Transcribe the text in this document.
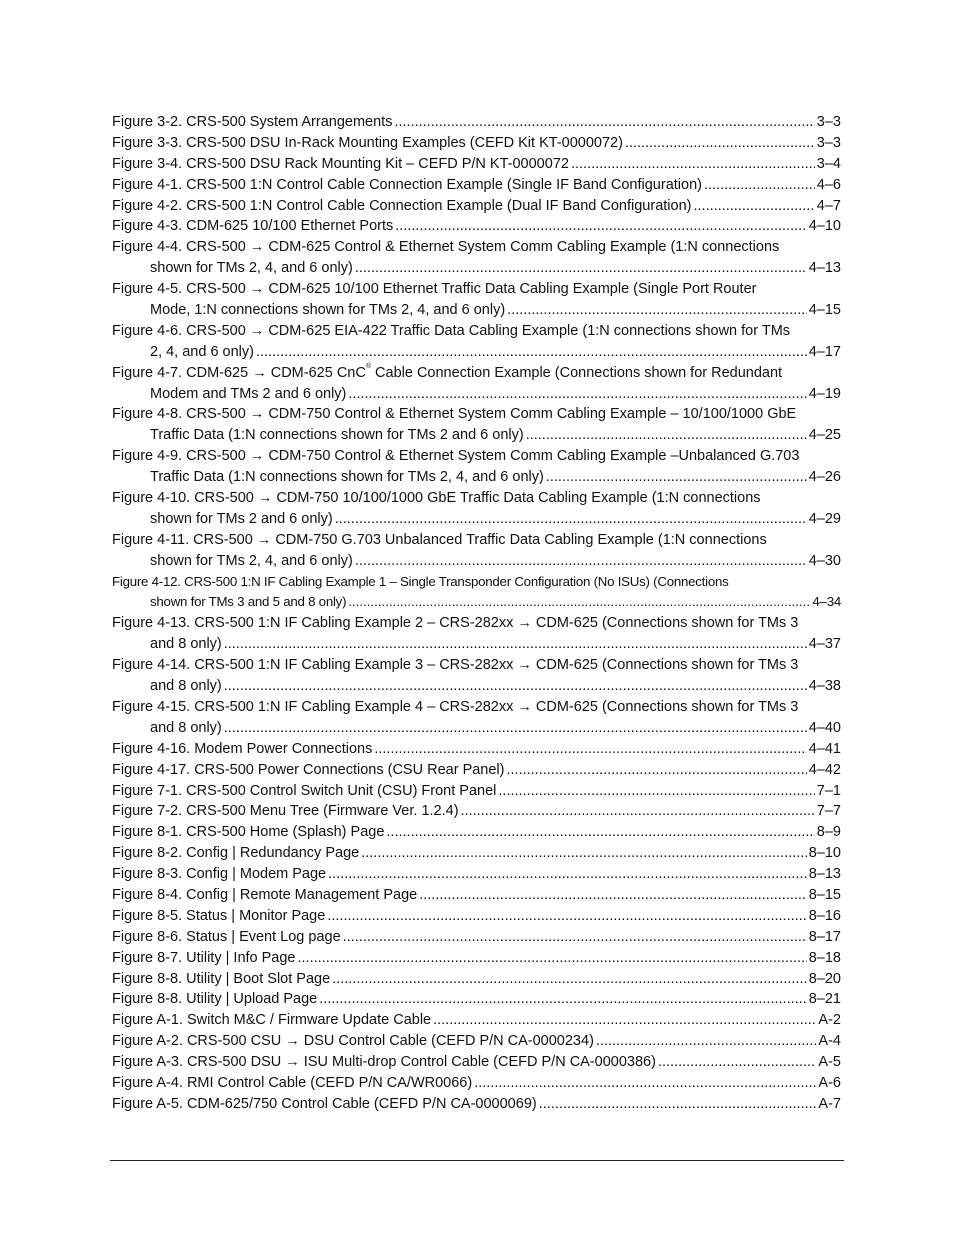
Figure 3-2. CRS-500 System Arrangements .....	3–3
Figure 3-3. CRS-500 DSU In-Rack Mounting Examples (CEFD Kit KT-0000072) .....	3–3
Figure 3-4. CRS-500 DSU Rack Mounting Kit – CEFD P/N KT-0000072 .....	3–4
Figure 4-1. CRS-500 1:N Control Cable Connection Example (Single IF Band Configuration) .....	4–6
Figure 4-2. CRS-500 1:N Control Cable Connection Example (Dual IF Band Configuration) .....	4–7
Figure 4-3. CDM-625 10/100 Ethernet Ports .....	4–10
Figure 4-4. CRS-500 → CDM-625 Control & Ethernet System Comm Cabling Example (1:N connections
shown for TMs 2, 4, and 6 only) .....	4–13
Figure 4-5. CRS-500 → CDM-625 10/100 Ethernet Traffic Data Cabling Example (Single Port Router
Mode, 1:N connections shown for TMs 2, 4, and 6 only) .....	4–15
Figure 4-6. CRS-500 → CDM-625 EIA-422 Traffic Data Cabling Example (1:N connections shown for TMs
2, 4, and 6 only) .....	4–17
Figure 4-7. CDM-625 → CDM-625 CnC® Cable Connection Example (Connections shown for Redundant
Modem and TMs 2 and 6 only) .....	4–19
Figure 4-8. CRS-500 → CDM-750 Control & Ethernet System Comm Cabling Example – 10/100/1000 GbE
Traffic Data (1:N connections shown for TMs 2 and 6 only) .....	4–25
Figure 4-9. CRS-500 → CDM-750 Control & Ethernet System Comm Cabling Example –Unbalanced G.703
Traffic Data (1:N connections shown for TMs 2, 4, and 6 only) .....	4–26
Figure 4-10. CRS-500 → CDM-750 10/100/1000 GbE Traffic Data Cabling Example (1:N connections
shown for TMs 2 and 6 only) .....	4–29
Figure 4-11. CRS-500 → CDM-750 G.703 Unbalanced Traffic Data Cabling Example (1:N connections
shown for TMs 2, 4, and 6 only) .....	4–30
Figure 4-12. CRS-500 1:N IF Cabling Example 1 – Single Transponder Configuration (No ISUs) (Connections
shown for TMs 3 and 5 and 8 only) .....	4–34
Figure 4-13. CRS-500 1:N IF Cabling Example 2 – CRS-282xx → CDM-625 (Connections shown for TMs 3
and 8 only) .....	4–37
Figure 4-14. CRS-500 1:N IF Cabling Example 3 – CRS-282xx → CDM-625 (Connections shown for TMs 3
and 8 only) .....	4–38
Figure 4-15. CRS-500 1:N IF Cabling Example 4 – CRS-282xx → CDM-625 (Connections shown for TMs 3
and 8 only) .....	4–40
Figure 4-16. Modem Power Connections .....	4–41
Figure 4-17. CRS-500 Power Connections (CSU Rear Panel) .....	4–42
Figure 7-1. CRS-500 Control Switch Unit (CSU) Front Panel .....	7–1
Figure 7-2. CRS-500 Menu Tree (Firmware Ver. 1.2.4) .....	7–7
Figure 8-1. CRS-500 Home (Splash) Page .....	8–9
Figure 8-2. Config | Redundancy Page .....	8–10
Figure 8-3. Config | Modem Page .....	8–13
Figure 8-4. Config | Remote Management Page .....	8–15
Figure 8-5. Status | Monitor Page .....	8–16
Figure 8-6. Status | Event Log page .....	8–17
Figure 8-7. Utility | Info Page .....	8–18
Figure 8-8. Utility | Boot Slot Page .....	8–20
Figure 8-8. Utility | Upload Page .....	8–21
Figure A-1. Switch M&C / Firmware Update Cable .....	A-2
Figure A-2. CRS-500 CSU → DSU Control Cable (CEFD P/N CA-0000234) .....	A-4
Figure A-3. CRS-500 DSU → ISU Multi-drop Control Cable (CEFD P/N CA-0000386) .....	A-5
Figure A-4. RMI Control Cable (CEFD P/N CA/WR0066) .....	A-6
Figure A-5. CDM-625/750 Control Cable (CEFD P/N CA-0000069) .....	A-7
